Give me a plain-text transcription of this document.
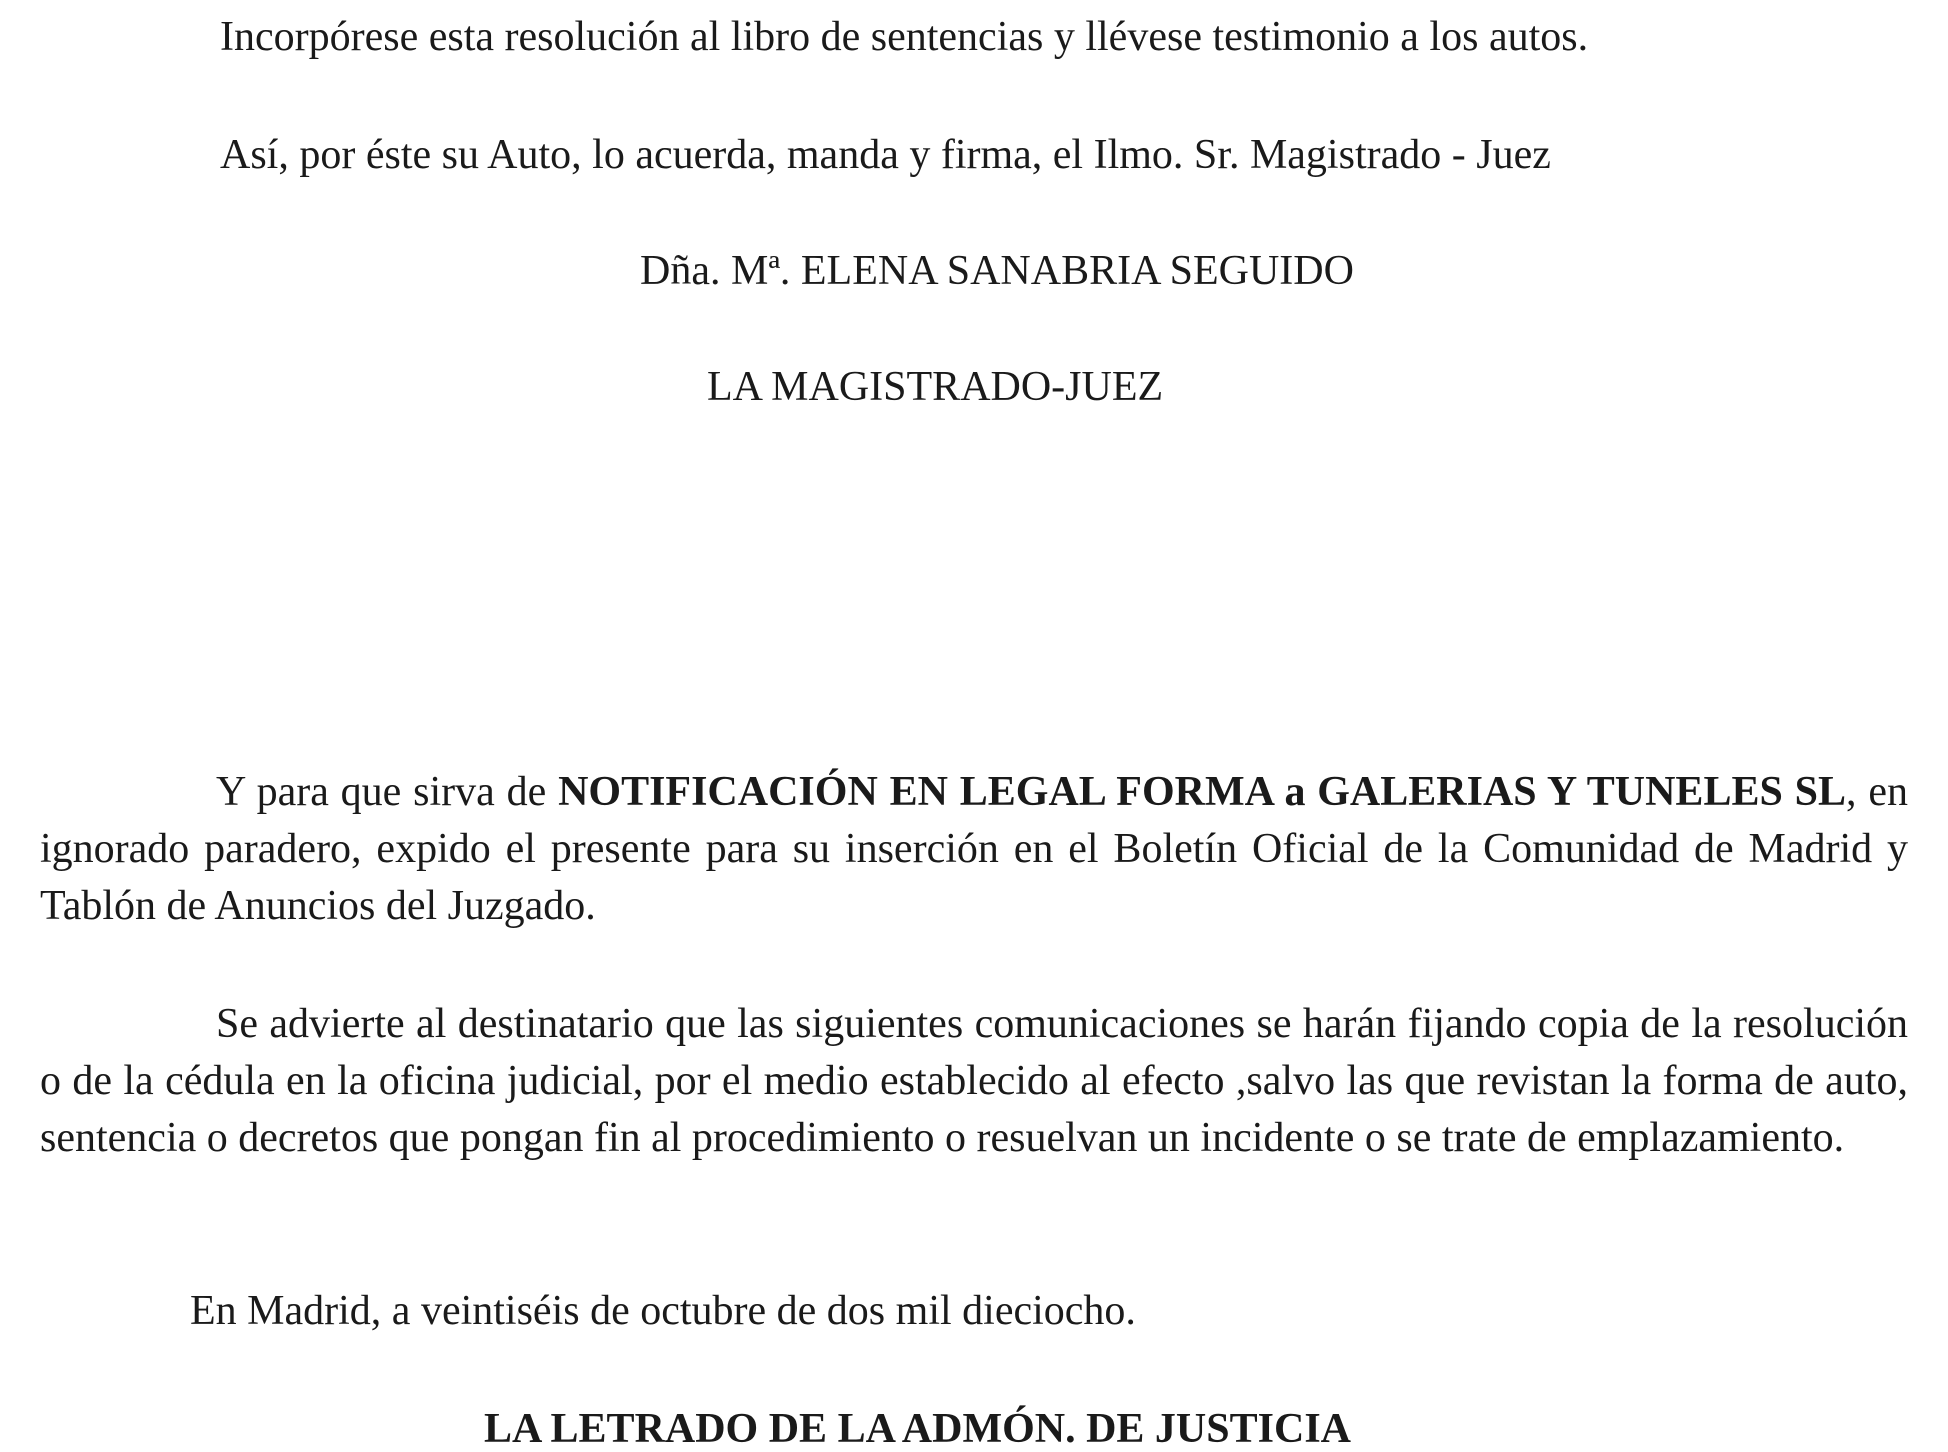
Incorpórese esta resolución al libro de sentencias y llévese testimonio a los autos.

Así, por éste su Auto, lo acuerda, manda y firma, el Ilmo. Sr. Magistrado - Juez

Dña. Mª. ELENA SANABRIA SEGUIDO

LA MAGISTRADO-JUEZ

Y para que sirva de NOTIFICACIÓN EN LEGAL FORMA a GALERIAS Y TUNELES SL, en ignorado paradero, expido el presente para su inserción en el Boletín Oficial de la Comunidad de Madrid y Tablón de Anuncios del Juzgado.

Se advierte al destinatario que las siguientes comunicaciones se harán fijando copia de la resolución o de la cédula en la oficina judicial, por el medio establecido al efecto ,salvo las que revistan la forma de auto, sentencia o decretos que pongan fin al procedimiento o resuelvan un incidente o se trate de emplazamiento.

En Madrid, a veintiséis de octubre de dos mil dieciocho.

LA LETRADO DE LA ADMÓN. DE JUSTICIA
